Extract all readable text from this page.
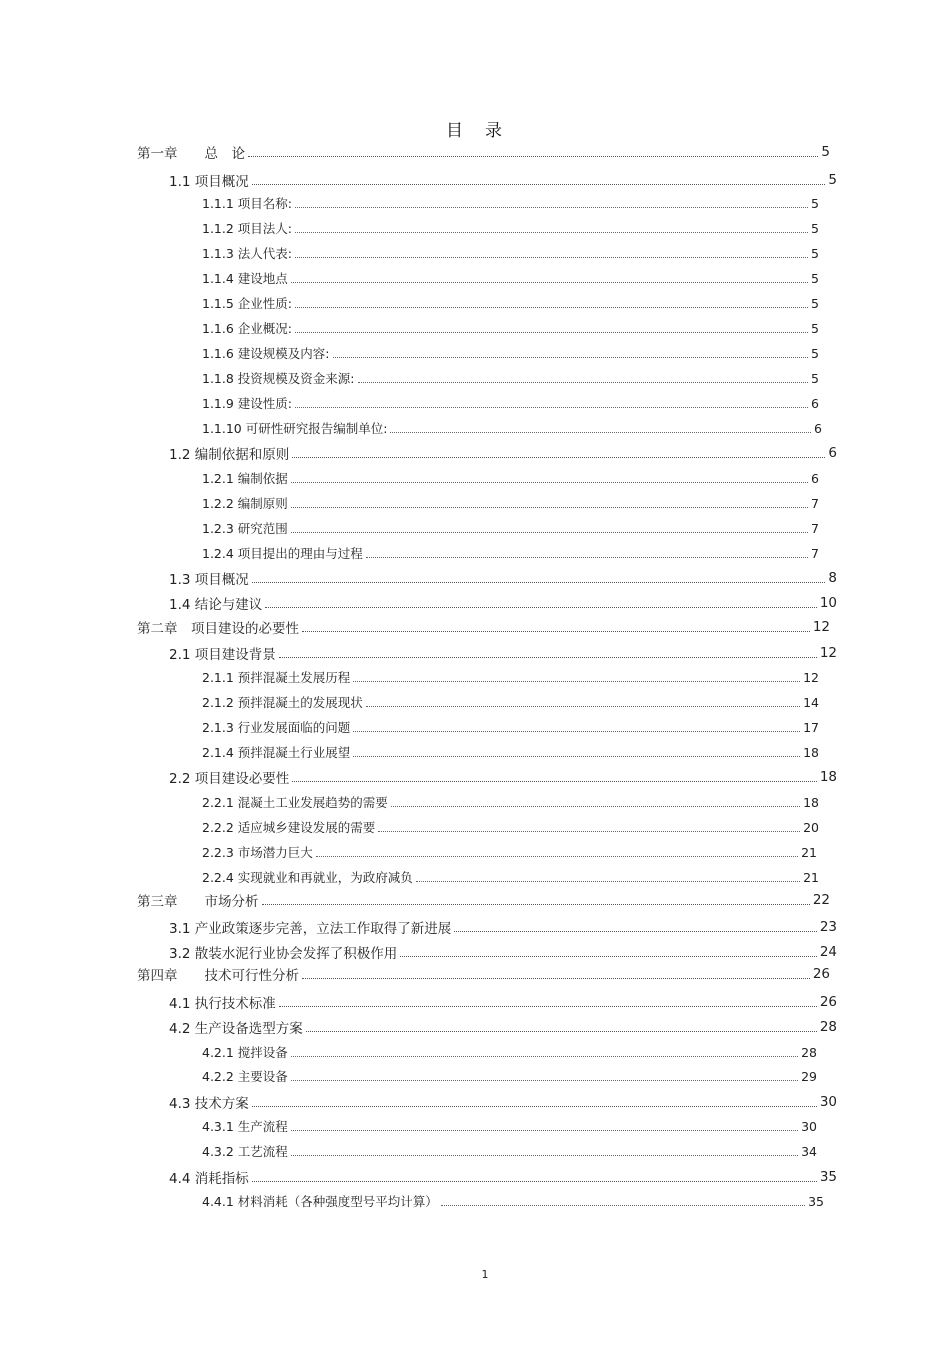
目录
第一章　　总　论	5
1.1 项目概况	5
1.1.1 项目名称:	5
1.1.2 项目法人:	5
1.1.3 法人代表:	5
1.1.4 建设地点	5
1.1.5 企业性质:	5
1.1.6 企业概况:	5
1.1.6 建设规模及内容:	5
1.1.8 投资规模及资金来源:	5
1.1.9 建设性质:	6
1.1.10 可研性研究报告编制单位:	6
1.2 编制依据和原则	6
1.2.1 编制依据	6
1.2.2 编制原则	7
1.2.3 研究范围	7
1.2.4 项目提出的理由与过程	7
1.3 项目概况	8
1.4 结论与建议	10
第二章　项目建设的必要性	12
2.1 项目建设背景	12
2.1.1 预拌混凝土发展历程	12
2.1.2 预拌混凝土的发展现状	14
2.1.3 行业发展面临的问题	17
2.1.4 预拌混凝土行业展望	18
2.2 项目建设必要性	18
2.2.1 混凝土工业发展趋势的需要	18
2.2.2 适应城乡建设发展的需要	20
2.2.3 市场潜力巨大	21
2.2.4 实现就业和再就业，为政府减负	21
第三章　　市场分析	22
3.1 产业政策逐步完善，立法工作取得了新进展	23
3.2 散装水泥行业协会发挥了积极作用	24
第四章　　技术可行性分析	26
4.1 执行技术标准	26
4.2 生产设备选型方案	28
4.2.1 搅拌设备	28
4.2.2 主要设备	29
4.3 技术方案	30
4.3.1 生产流程	30
4.3.2 工艺流程	34
4.4 消耗指标	35
4.4.1 材料消耗（各种强度型号平均计算）	35
1
